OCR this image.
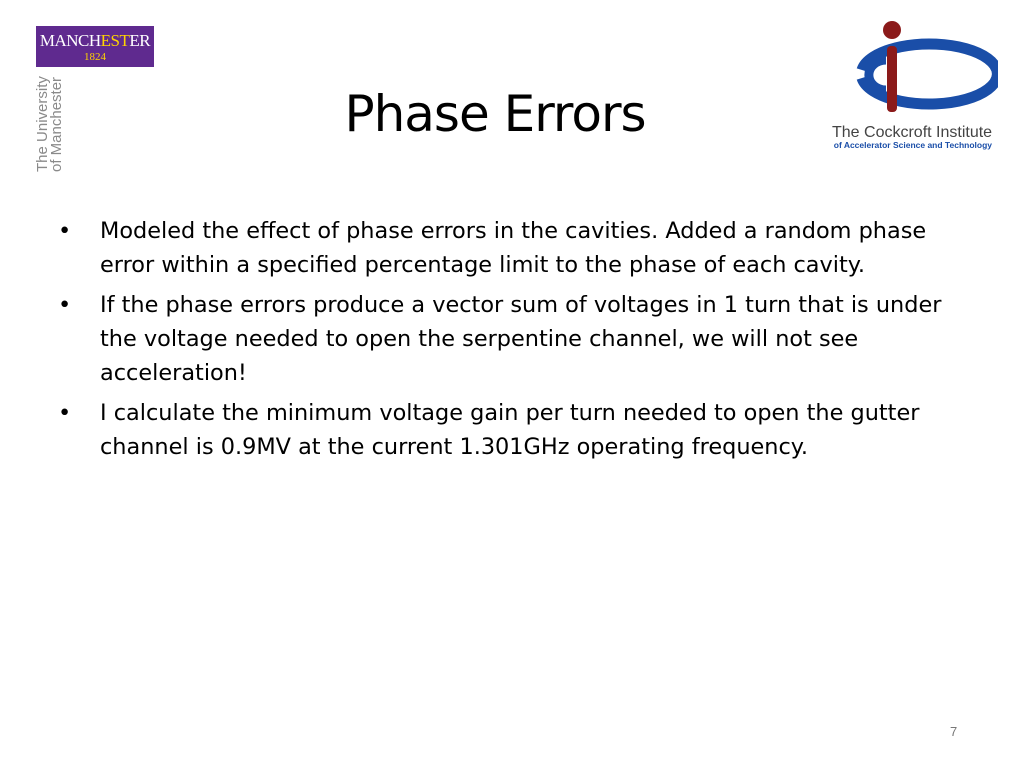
MANCHESTER
1824
The University
of Manchester	The Cockcroft Institute
of Accelerator Science and Technology
Phase Errors
• Modeled the effect of phase errors in the cavities. Added a random phase error within a specified percentage limit to the phase of each cavity.
• If the phase errors produce a vector sum of voltages in 1 turn that is under the voltage needed to open the serpentine channel, we will not see acceleration!
• I calculate the minimum voltage gain per turn needed to open the gutter channel is 0.9MV at the current 1.301GHz operating frequency.
7
